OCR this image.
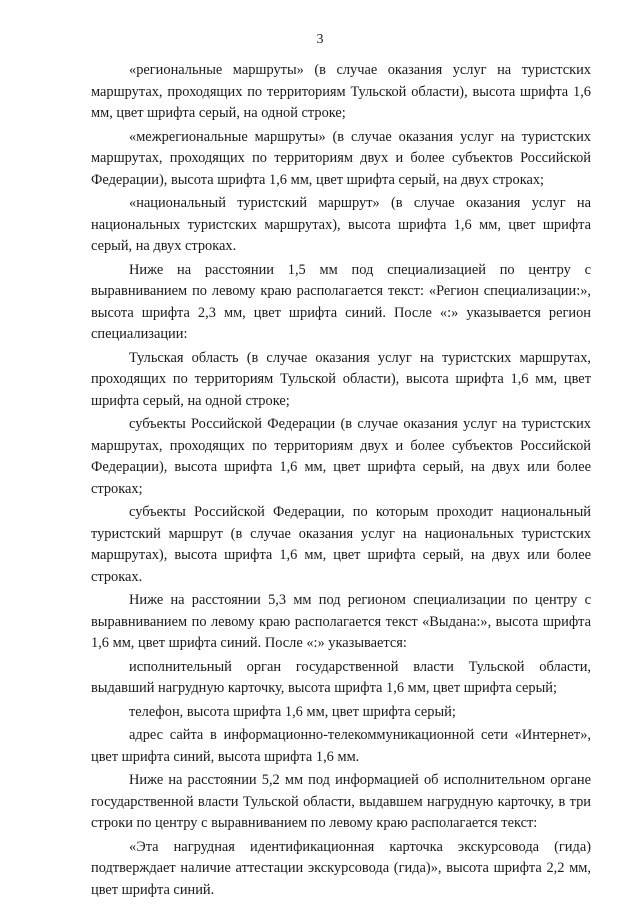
3

«региональные маршруты» (в случае оказания услуг на туристских маршрутах, проходящих по территориям Тульской области), высота шрифта 1,6 мм, цвет шрифта серый, на одной строке;

«межрегиональные маршруты» (в случае оказания услуг на туристских маршрутах, проходящих по территориям двух и более субъектов Российской Федерации), высота шрифта 1,6 мм, цвет шрифта серый, на двух строках;

«национальный туристский маршрут» (в случае оказания услуг на национальных туристских маршрутах), высота шрифта 1,6 мм, цвет шрифта серый, на двух строках.

Ниже на расстоянии 1,5 мм под специализацией по центру с выравниванием по левому краю располагается текст: «Регион специализации:», высота шрифта 2,3 мм, цвет шрифта синий. После «:» указывается регион специализации:

Тульская область (в случае оказания услуг на туристских маршрутах, проходящих по территориям Тульской области), высота шрифта 1,6 мм, цвет шрифта серый, на одной строке;

субъекты Российской Федерации (в случае оказания услуг на туристских маршрутах, проходящих по территориям двух и более субъектов Российской Федерации), высота шрифта 1,6 мм, цвет шрифта серый, на двух или более строках;

субъекты Российской Федерации, по которым проходит национальный туристский маршрут (в случае оказания услуг на национальных туристских маршрутах), высота шрифта 1,6 мм, цвет шрифта серый, на двух или более строках.

Ниже на расстоянии 5,3 мм под регионом специализации по центру с выравниванием по левому краю располагается текст «Выдана:», высота шрифта 1,6 мм, цвет шрифта синий. После «:» указывается:

исполнительный орган государственной власти Тульской области, выдавший нагрудную карточку, высота шрифта 1,6 мм, цвет шрифта серый;

телефон, высота шрифта 1,6 мм, цвет шрифта серый;

адрес сайта в информационно-телекоммуникационной сети «Интернет», цвет шрифта синий, высота шрифта 1,6 мм.

Ниже на расстоянии 5,2 мм под информацией об исполнительном органе государственной власти Тульской области, выдавшем нагрудную карточку, в три строки по центру с выравниванием по левому краю располагается текст:

«Эта нагрудная идентификационная карточка экскурсовода (гида) подтверждает наличие аттестации экскурсовода (гида)», высота шрифта 2,2 мм, цвет шрифта синий.
